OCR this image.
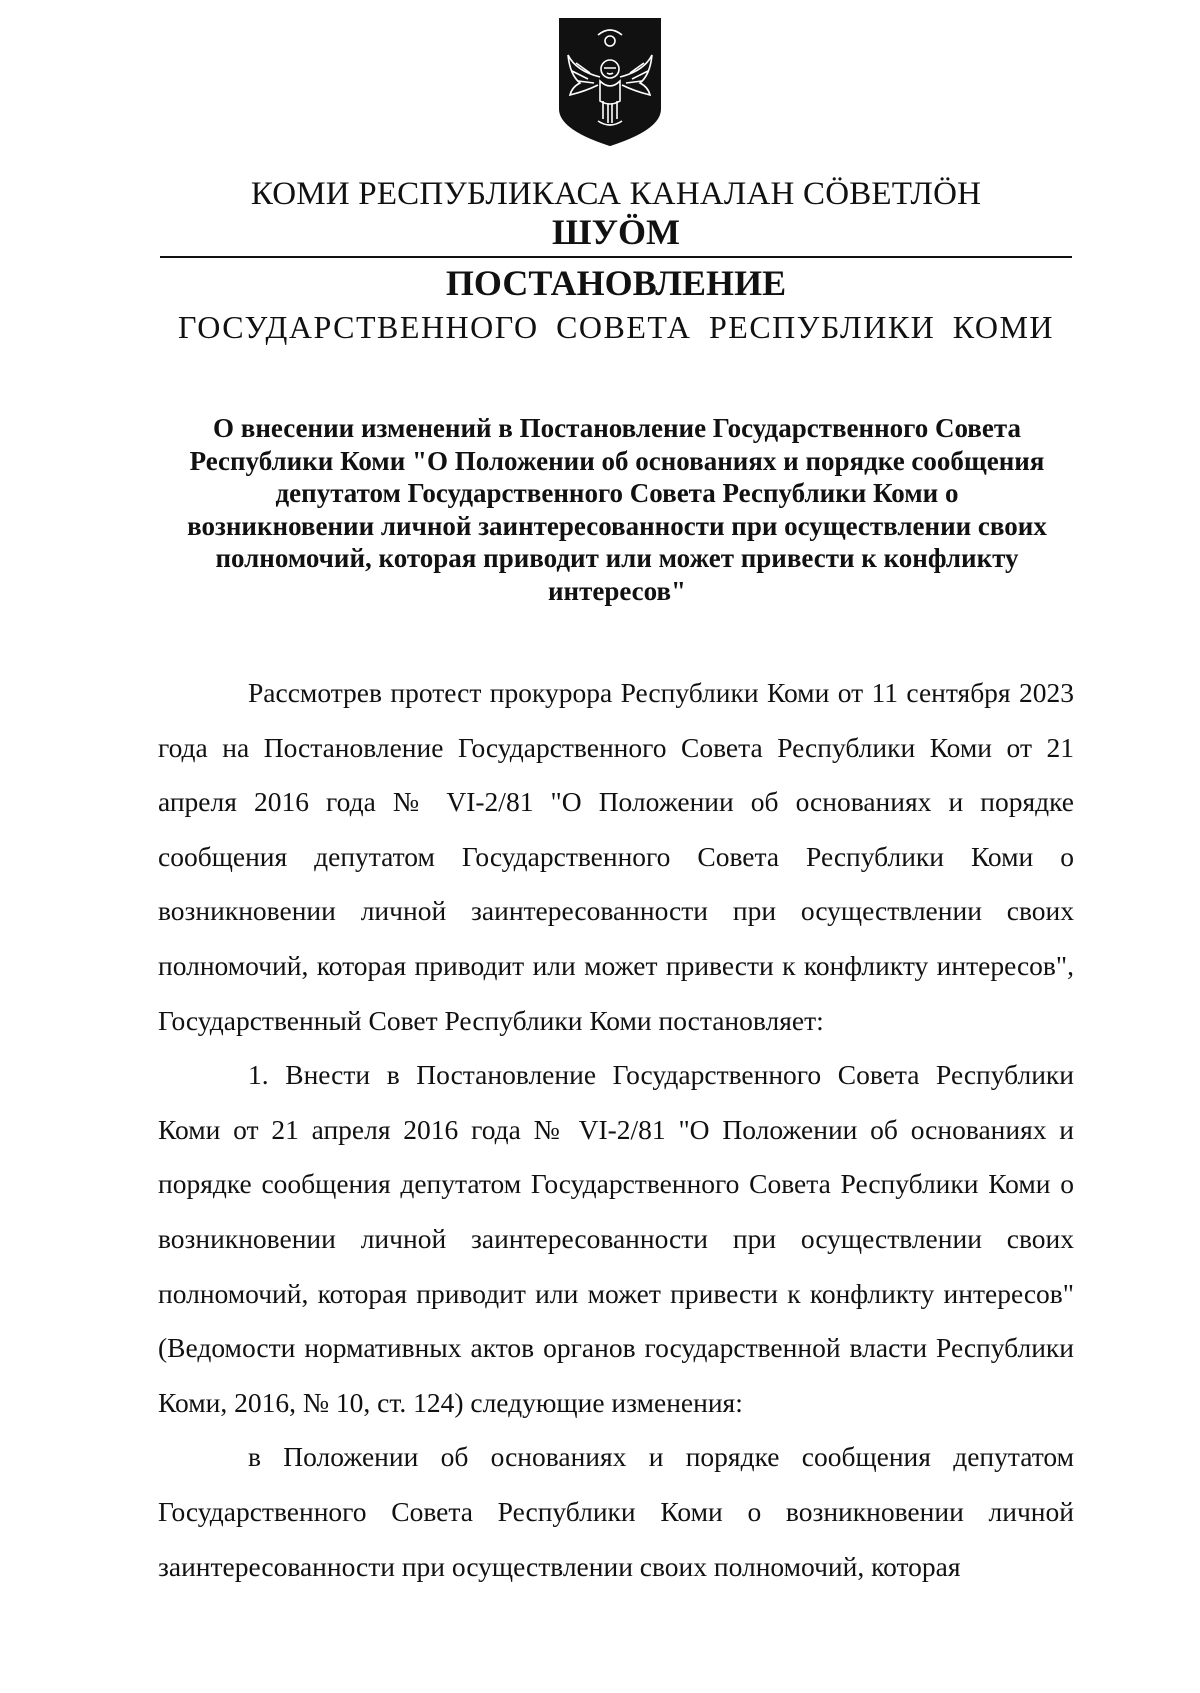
КОМИ РЕСПУБЛИКАСА КАНАЛАН СÖВЕТЛÖН

ШУÖМ

ПОСТАНОВЛЕНИЕ

ГОСУДАРСТВЕННОГО СОВЕТА РЕСПУБЛИКИ КОМИ

О внесении изменений в Постановление Государственного Совета Республики Коми "О Положении об основаниях и порядке сообщения депутатом Государственного Совета Республики Коми о возникновении личной заинтересованности при осуществлении своих полномочий, которая приводит или может привести к конфликту интересов"

Рассмотрев протест прокурора Республики Коми от 11 сентября 2023 года на Постановление Государственного Совета Республики Коми от 21 апреля 2016 года № VI-2/81 "О Положении об основаниях и порядке сообщения депутатом Государственного Совета Республики Коми о возникновении личной заинтересованности при осуществлении своих полномочий, которая приводит или может привести к конфликту интересов", Государственный Совет Республики Коми постановляет:

1. Внести в Постановление Государственного Совета Республики Коми от 21 апреля 2016 года № VI-2/81 "О Положении об основаниях и порядке сообщения депутатом Государственного Совета Республики Коми о возникновении личной заинтересованности при осуществлении своих полномочий, которая приводит или может привести к конфликту интересов" (Ведомости нормативных актов органов государственной власти Республики Коми, 2016, № 10, ст. 124) следующие изменения:

в Положении об основаниях и порядке сообщения депутатом Государственного Совета Республики Коми о возникновении личной заинтересованности при осуществлении своих полномочий, которая
